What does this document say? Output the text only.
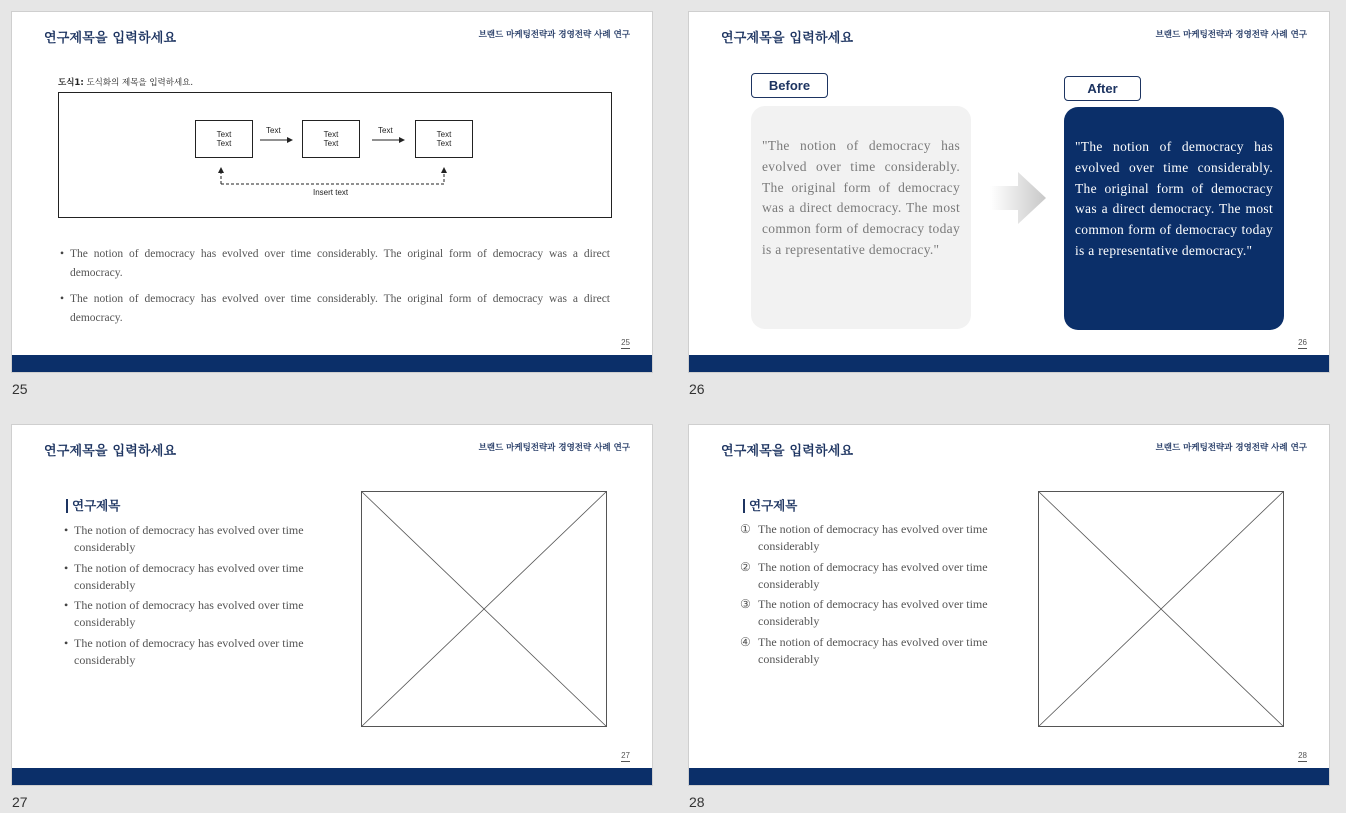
연구제목을 입력하세요	브랜드 마케팅전략과 경영전략 사례 연구
도식1: 도식화의 제목을 입력하세요.
Text
Text
Text
Text
Text
Text
Text	Text
Insert text
• The notion of democracy has evolved over time considerably. The original form of democracy was a direct democracy.
• The notion of democracy has evolved over time considerably. The original form of democracy was a direct democracy.
25
25
연구제목을 입력하세요	브랜드 마케팅전략과 경영전략 사례 연구
"The notion of democracy has evolved over time considerably. The original form of democracy was a direct democracy. The most common form of democracy today is a representative democracy."
Before
"The notion of democracy has evolved over time considerably. The original form of democracy was a direct democracy. The most common form of democracy today is a representative democracy."
After
26
26
연구제목을 입력하세요	브랜드 마케팅전략과 경영전략 사례 연구
연구제목
• The notion of democracy has evolved over time considerably
• The notion of democracy has evolved over time considerably
• The notion of democracy has evolved over time considerably
• The notion of democracy has evolved over time considerably
27
27
연구제목을 입력하세요	브랜드 마케팅전략과 경영전략 사례 연구
연구제목
① The notion of democracy has evolved over time considerably
② The notion of democracy has evolved over time considerably
③ The notion of democracy has evolved over time considerably
④ The notion of democracy has evolved over time considerably
28
28
